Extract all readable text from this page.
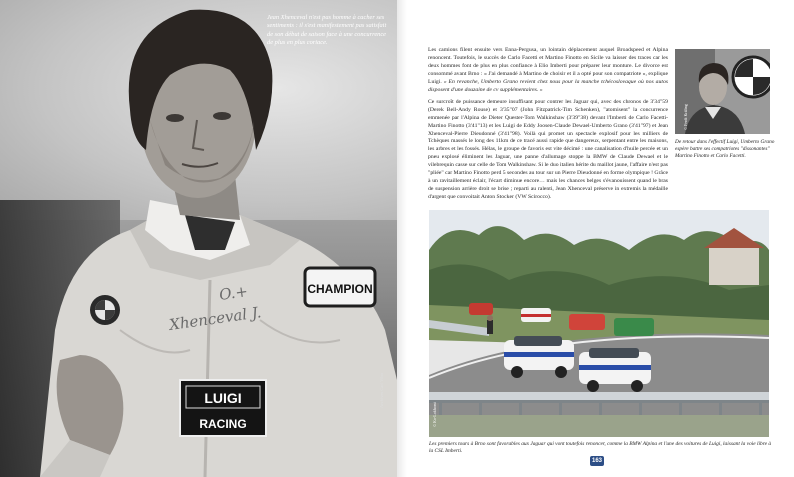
O.+
Xhenceval J.
CHAMPION
LUIGI
RACING
Jean Xhenceval n'est pas homme à cacher ses sentiments : il s'est manifestement pas satisfait de son début de saison face à une concurrence de plus en plus coriace.
Archives Carl Vibo

Les camions filent ensuite vers Enna-Pergusa, un lointain déplacement auquel Broadspeed et Alpina renoncent. Toutefois, le succès de Carlo Facetti et Martino Finotto en Sicile va laisser des traces car les deux hommes font de plus en plus confiance à Elio Imberti pour préparer leur monture. Le divorce est consommé avant Brno : « J'ai demandé à Martino de choisir et il a opté pour son compatriote », explique Luigi. « En revanche, Umberto Grano revient chez nous pour la manche tchécoslovaque où nos autos disposent d'une douzaine de cv supplémentaires. »

Ce surcroît de puissance demeure insuffisant pour contrer les Jaguar qui, avec des chronos de 3'34"59 (Derek Bell-Andy Rouse) et 3'35"07 (John Fitzpatrick-Tim Schenken), "atomisent" la concurrence emmenée par l'Alpina de Dieter Quester-Tom Walkinshaw (3'39"38) devant l'Imberti de Carlo Facetti-Martino Finotto (3'41"13) et les Luigi de Eddy Joosen-Claude Dewael-Umberto Grano (3'41"97) et Jean Xhenceval-Pierre Dieudonné (3'41"98). Voilà qui promet un spectacle explosif pour les milliers de Tchèques massés le long des 11km de ce tracé aussi rapide que dangereux, serpentant entre les maisons, les arbres et les fossés. Hélas, le groupe de favoris est vite décimé : une canalisation d'huile percée et un pneu explosé éliminent les Jaguar, une panne d'allumage stoppe la BMW de Claude Dewael et le vilebrequin casse sur celle de Tom Walkinshaw. Si le duo italien hérite du maillot jaune, l'affaire n'est pas "pliée" car Martino Finotto perd 5 secondes au tour sur un Pierre Dieudonné en forme olympique ! Grâce à un ravitaillement éclair, l'écart diminue encore… mais les chances belges s'évanouissent quand le bras de suspension arrière droit se brise ; reparti au ralenti, Jean Xhenceval préserve in extremis la médaille d'argent que convoitait Anton Stocker (VW Scirocco).

© Ferdi Kräling
De retour dans l'effectif Luigi, Umberto Grano espère battre ses compatriotes "dissonantes" Martino Finotto et Carlo Facetti.
© Ko-Lokhorst
Les premiers tours à Brno sont favorables aux Jaguar qui vont toutefois renoncer, comme la BMW Alpina et l'une des voitures de Luigi, laissant la voie libre à la CSL Imberti.
163
